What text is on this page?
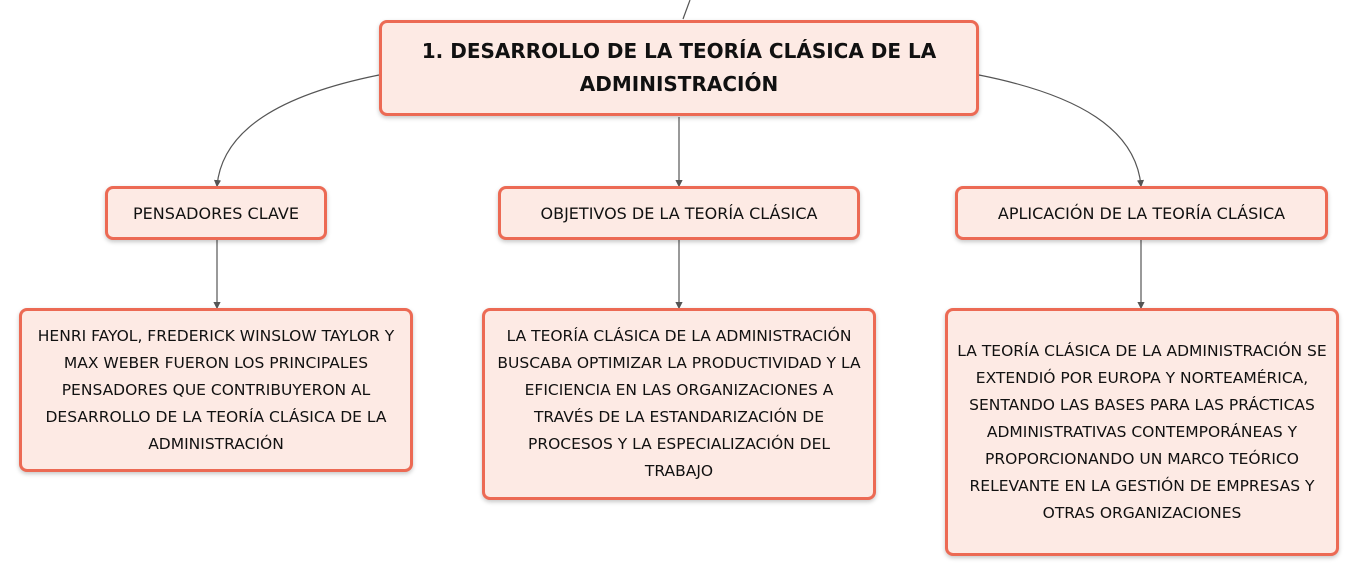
1. DESARROLLO DE LA TEORÍA CLÁSICA DE LA ADMINISTRACIÓN
PENSADORES CLAVE	OBJETIVOS DE LA TEORÍA CLÁSICA	APLICACIÓN DE LA TEORÍA CLÁSICA
HENRI FAYOL, FREDERICK WINSLOW TAYLOR Y MAX WEBER FUERON LOS PRINCIPALES PENSADORES QUE CONTRIBUYERON AL DESARROLLO DE LA TEORÍA CLÁSICA DE LA ADMINISTRACIÓN
LA TEORÍA CLÁSICA DE LA ADMINISTRACIÓN BUSCABA OPTIMIZAR LA PRODUCTIVIDAD Y LA EFICIENCIA EN LAS ORGANIZACIONES A TRAVÉS DE LA ESTANDARIZACIÓN DE PROCESOS Y LA ESPECIALIZACIÓN DEL TRABAJO
LA TEORÍA CLÁSICA DE LA ADMINISTRACIÓN SE EXTENDIÓ POR EUROPA Y NORTEAMÉRICA, SENTANDO LAS BASES PARA LAS PRÁCTICAS ADMINISTRATIVAS CONTEMPORÁNEAS Y PROPORCIONANDO UN MARCO TEÓRICO RELEVANTE EN LA GESTIÓN DE EMPRESAS Y OTRAS ORGANIZACIONES
